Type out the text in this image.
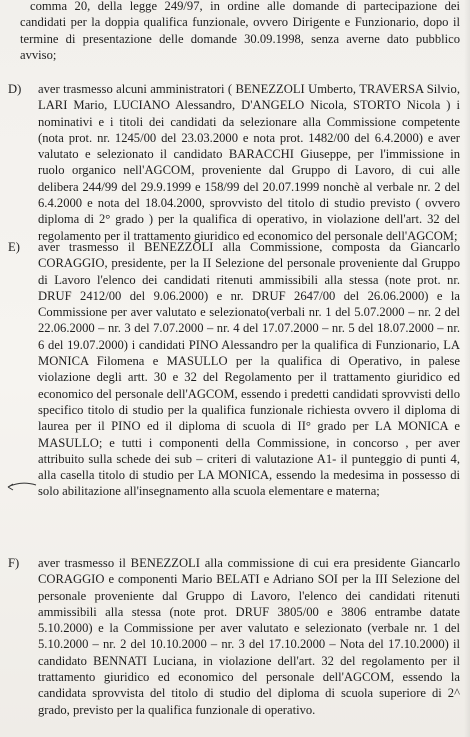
comma 20, della legge 249/97, in ordine alle domande di partecipazione dei candidati per la doppia qualifica funzionale, ovvero Dirigente e Funzionario, dopo il termine di presentazione delle domande 30.09.1998, senza averne dato pubblico avviso;

D) aver trasmesso alcuni amministratori ( BENEZZOLI Umberto, TRAVERSA Silvio, LARI Mario, LUCIANO Alessandro, D'ANGELO Nicola, STORTO Nicola ) i nominativi e i titoli dei candidati da selezionare alla Commissione competente (nota prot. nr. 1245/00 del 23.03.2000 e nota prot. 1482/00 del 6.4.2000) e aver valutato e selezionato il candidato BARACCHI Giuseppe, per l'immissione in ruolo organico nell'AGCOM, proveniente dal Gruppo di Lavoro, di cui alle delibera 244/99 del 29.9.1999 e 158/99 del 20.07.1999 nonchè al verbale nr. 2 del 6.4.2000 e nota del 18.04.2000, sprovvisto del titolo di studio previsto ( ovvero diploma di 2° grado ) per la qualifica di operativo, in violazione dell'art. 32 del regolamento per il trattamento giuridico ed economico del personale dell'AGCOM;

E) aver trasmesso il BENEZZOLI alla Commissione, composta da Giancarlo CORAGGIO, presidente, per la II Selezione del personale proveniente dal Gruppo di Lavoro l'elenco dei candidati ritenuti ammissibili alla stessa (note prot. nr. DRUF 2412/00 del 9.06.2000) e nr. DRUF 2647/00 del 26.06.2000) e la Commissione per aver valutato e selezionato(verbali nr. 1 del 5.07.2000 – nr. 2 del 22.06.2000 – nr. 3 del 7.07.2000 – nr. 4 del 17.07.2000 – nr. 5 del 18.07.2000 – nr. 6 del 19.07.2000) i candidati PINO Alessandro per la qualifica di Funzionario, LA MONICA Filomena e MASULLO per la qualifica di Operativo, in palese violazione degli artt. 30 e 32 del Regolamento per il trattamento giuridico ed economico del personale dell'AGCOM, essendo i predetti candidati sprovvisti dello specifico titolo di studio per la qualifica funzionale richiesta ovvero il diploma di laurea per il PINO ed il diploma di scuola di II° grado per LA MONICA e MASULLO; e tutti i componenti della Commissione, in concorso , per aver attribuito sulla schede dei sub – criteri di valutazione A1- il punteggio di punti 4, alla casella titolo di studio per LA MONICA, essendo la medesima in possesso di solo abilitazione all'insegnamento alla scuola elementare e materna;

F) aver trasmesso il BENEZZOLI alla commissione di cui era presidente Giancarlo CORAGGIO e componenti Mario BELATI e Adriano SOI per la III Selezione del personale proveniente dal Gruppo di Lavoro, l'elenco dei candidati ritenuti ammissibili alla stessa (note prot. DRUF 3805/00 e 3806 entrambe datate 5.10.2000) e la Commissione per aver valutato e selezionato (verbale nr. 1 del 5.10.2000 – nr. 2 del 10.10.2000 – nr. 3 del 17.10.2000 – Nota del 17.10.2000) il candidato BENNATI Luciana, in violazione dell'art. 32 del regolamento per il trattamento giuridico ed economico del personale dell'AGCOM, essendo la candidata sprovvista del titolo di studio del diploma di scuola superiore di 2^ grado, previsto per la qualifica funzionale di operativo.
